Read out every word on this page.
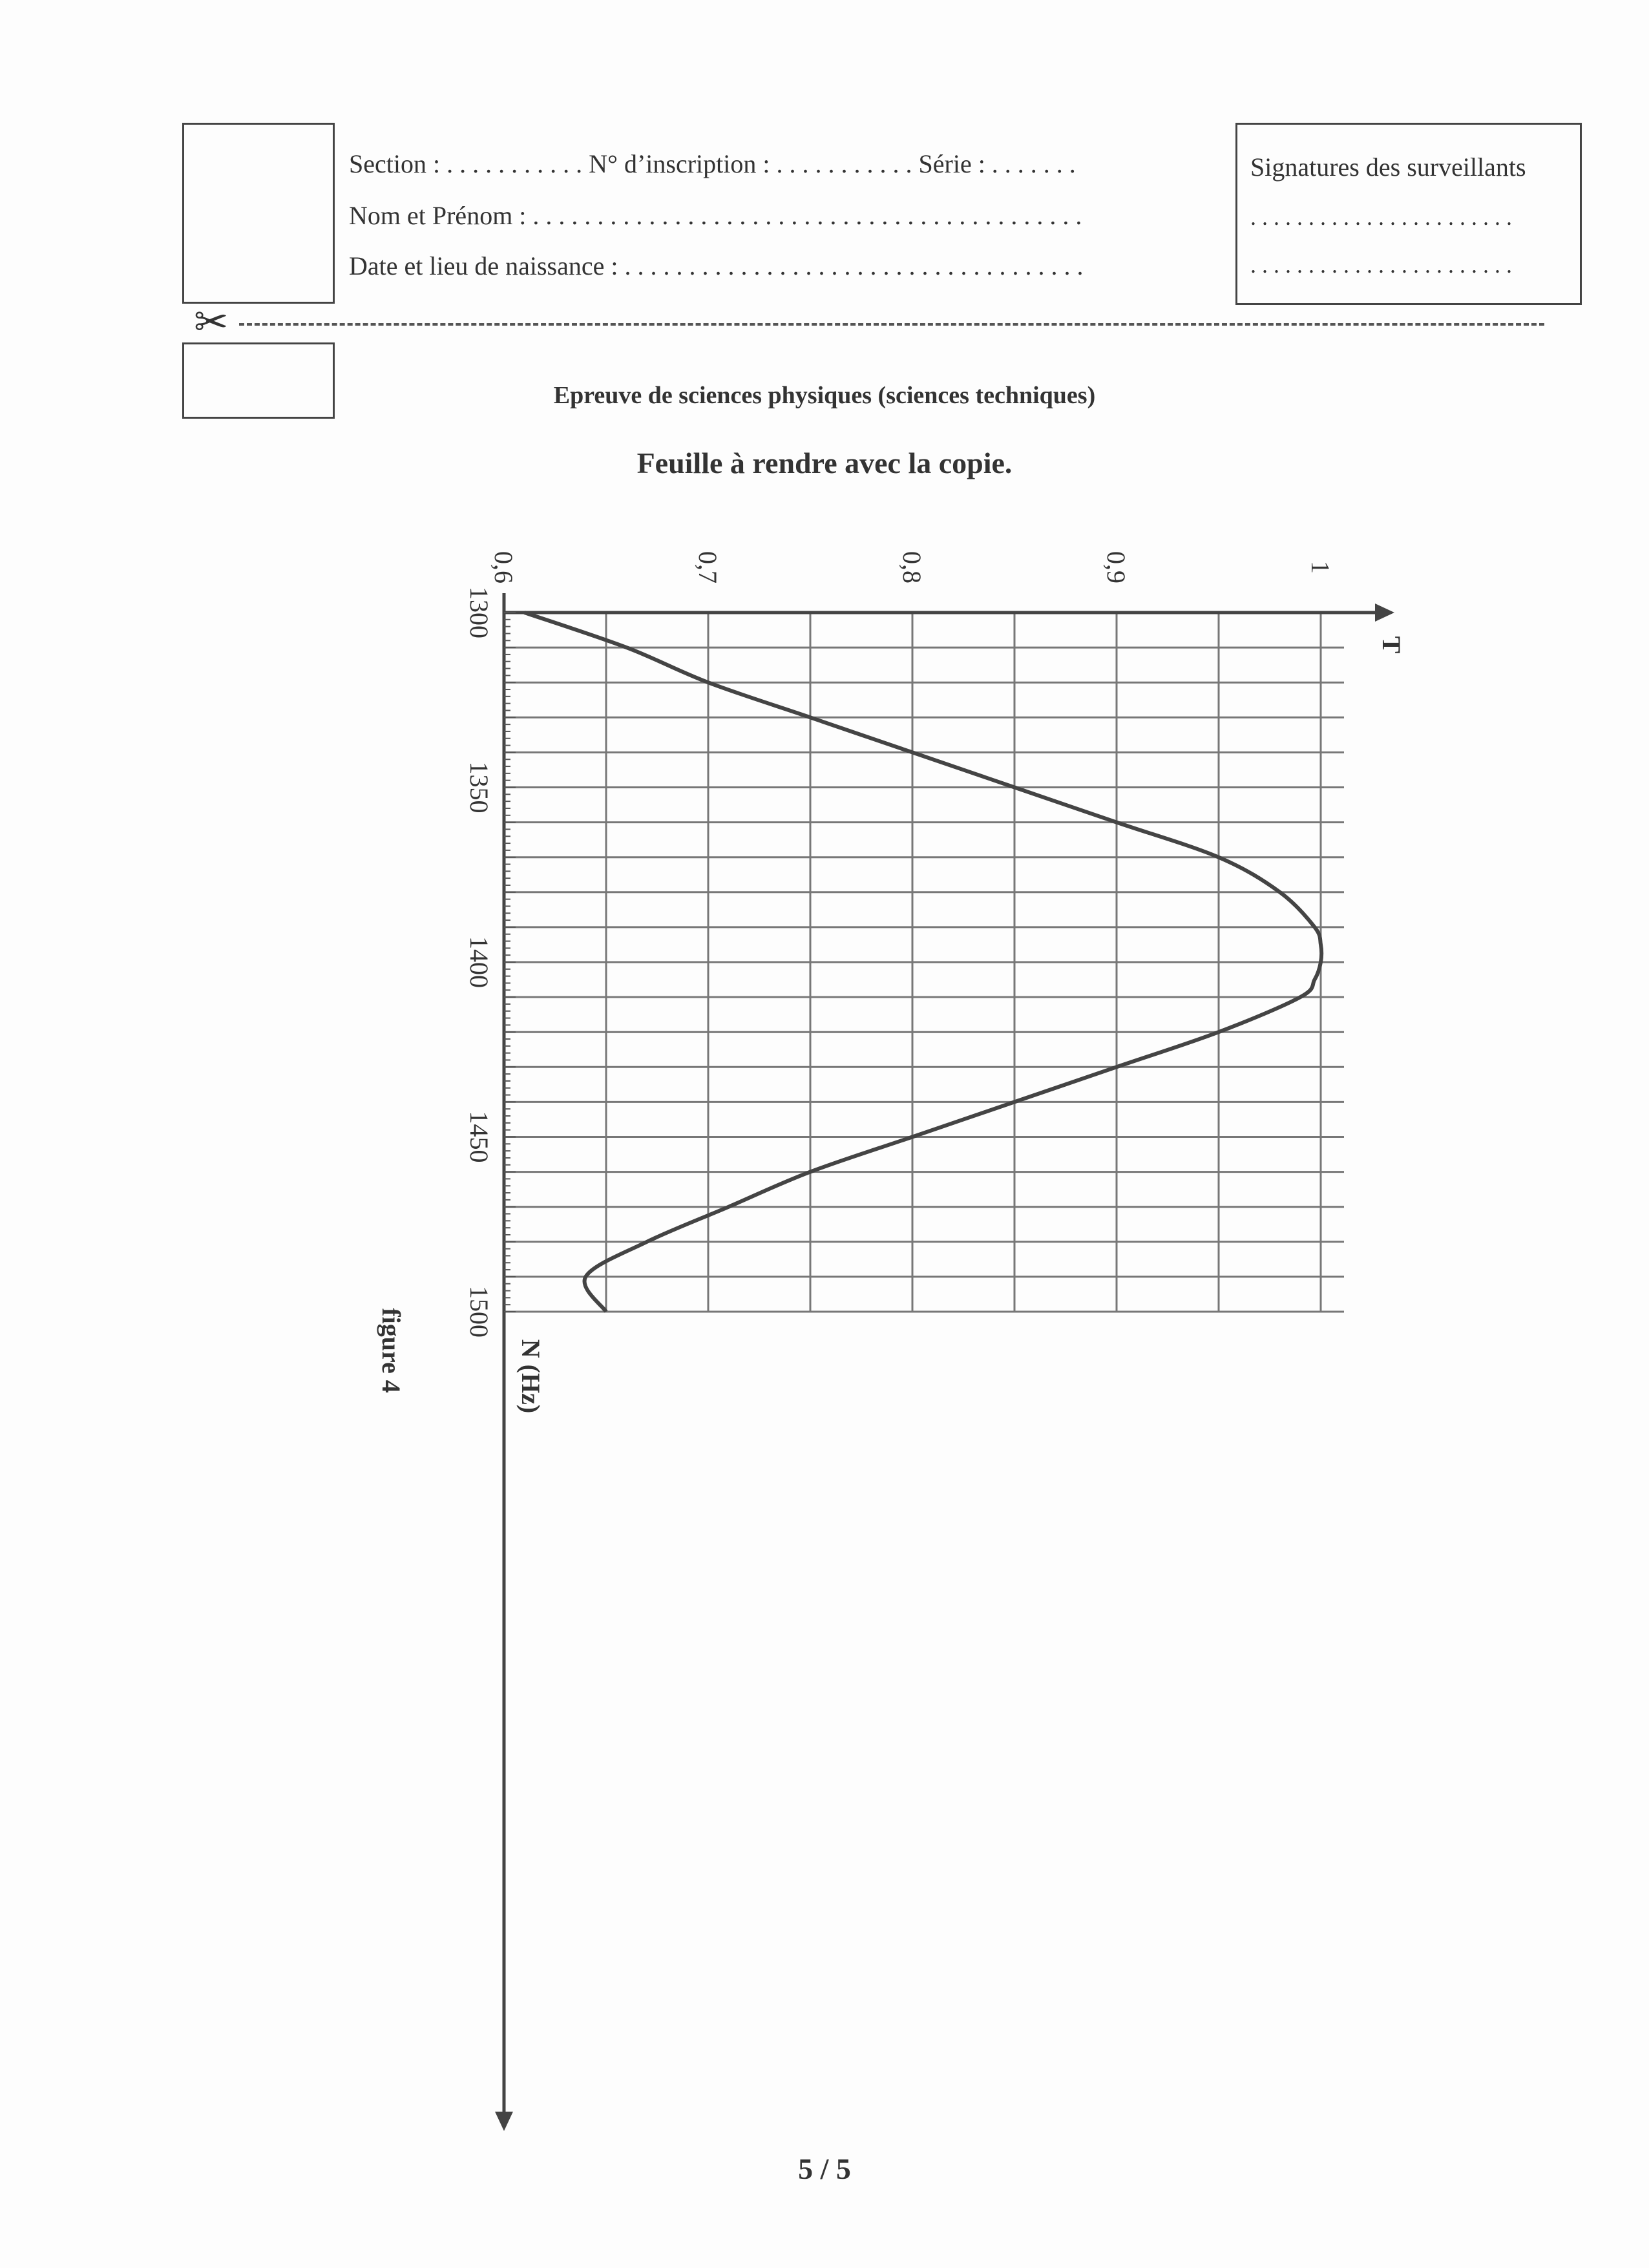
Section : . . . . . . . . . . . N° d’inscription : . . . . . . . . . . . Série : . . . . . . .
Nom et Prénom : . . . . . . . . . . . . . . . . . . . . . . . . . . . . . . . . . . . . . . . . . . .
Date et lieu de naissance : . . . . . . . . . . . . . . . . . . . . . . . . . . . . . . . . . . . .
Signatures des surveillants
. . . . . . . . . . . . . . . . . . . . . . .
. . . . . . . . . . . . . . . . . . . . . . .
✂
Epreuve de sciences physiques (sciences techniques)
Feuille à rendre avec la copie.
0,6	0,7	0,8	0,9	1
1300
1350
1400
1450
1500
T
N (Hz)
figure 4
5 / 5
